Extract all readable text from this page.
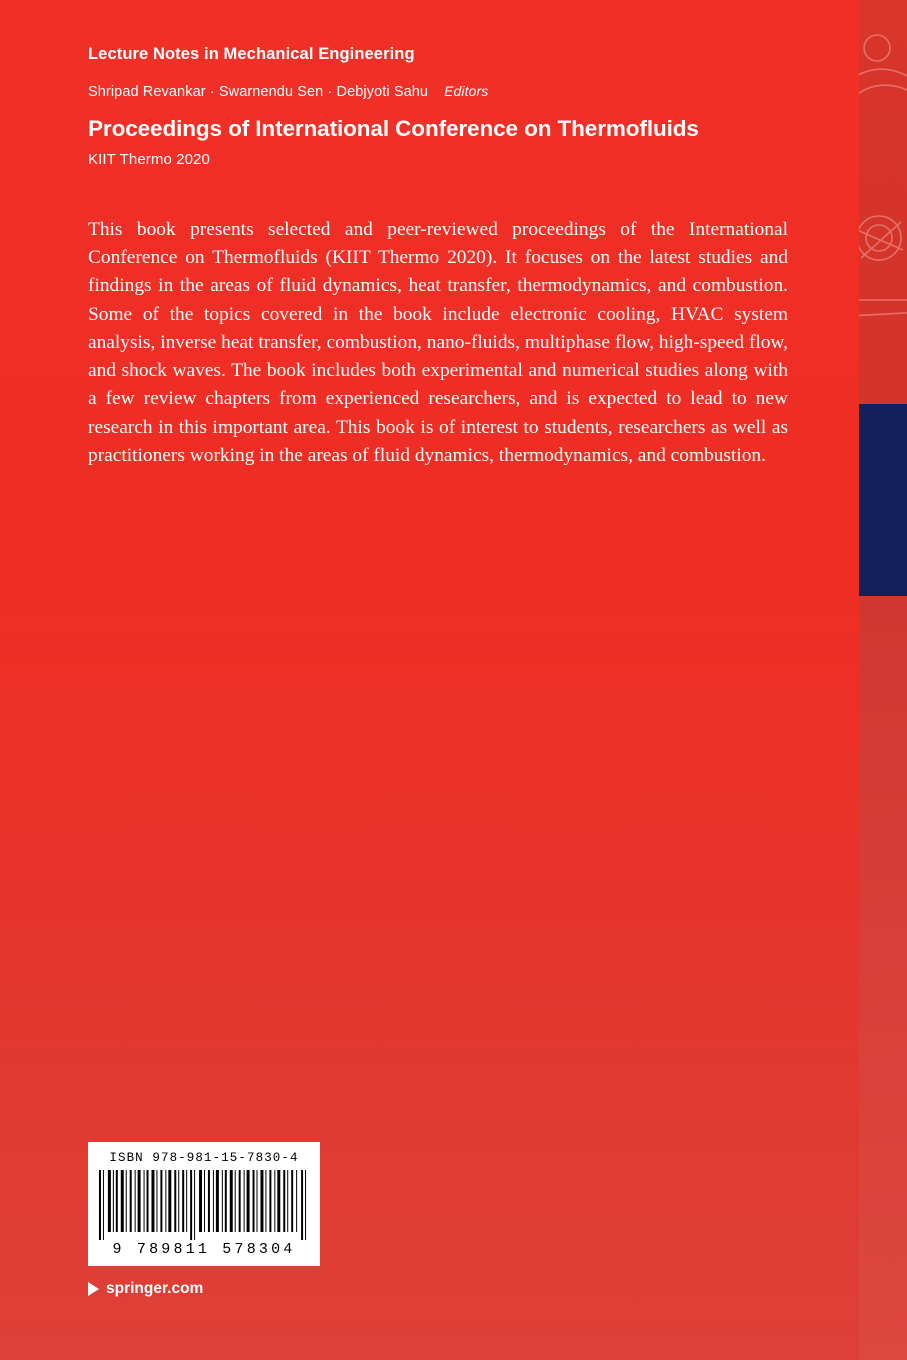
Lecture Notes in Mechanical Engineering
Shripad Revankar · Swarnendu Sen · Debjyoti Sahu Editors
Proceedings of International Conference on Thermofluids
KIIT Thermo 2020
This book presents selected and peer-reviewed proceedings of the International Conference on Thermofluids (KIIT Thermo 2020). It focuses on the latest studies and findings in the areas of fluid dynamics, heat transfer, thermodynamics, and combustion. Some of the topics covered in the book include electronic cooling, HVAC system analysis, inverse heat transfer, combustion, nano-fluids, multiphase flow, high-speed flow, and shock waves. The book includes both experimental and numerical studies along with a few review chapters from experienced researchers, and is expected to lead to new research in this important area. This book is of interest to students, researchers as well as practitioners working in the areas of fluid dynamics, thermodynamics, and combustion.
ISBN 978-981-15-7830-4
9 789811 578304
springer.com
